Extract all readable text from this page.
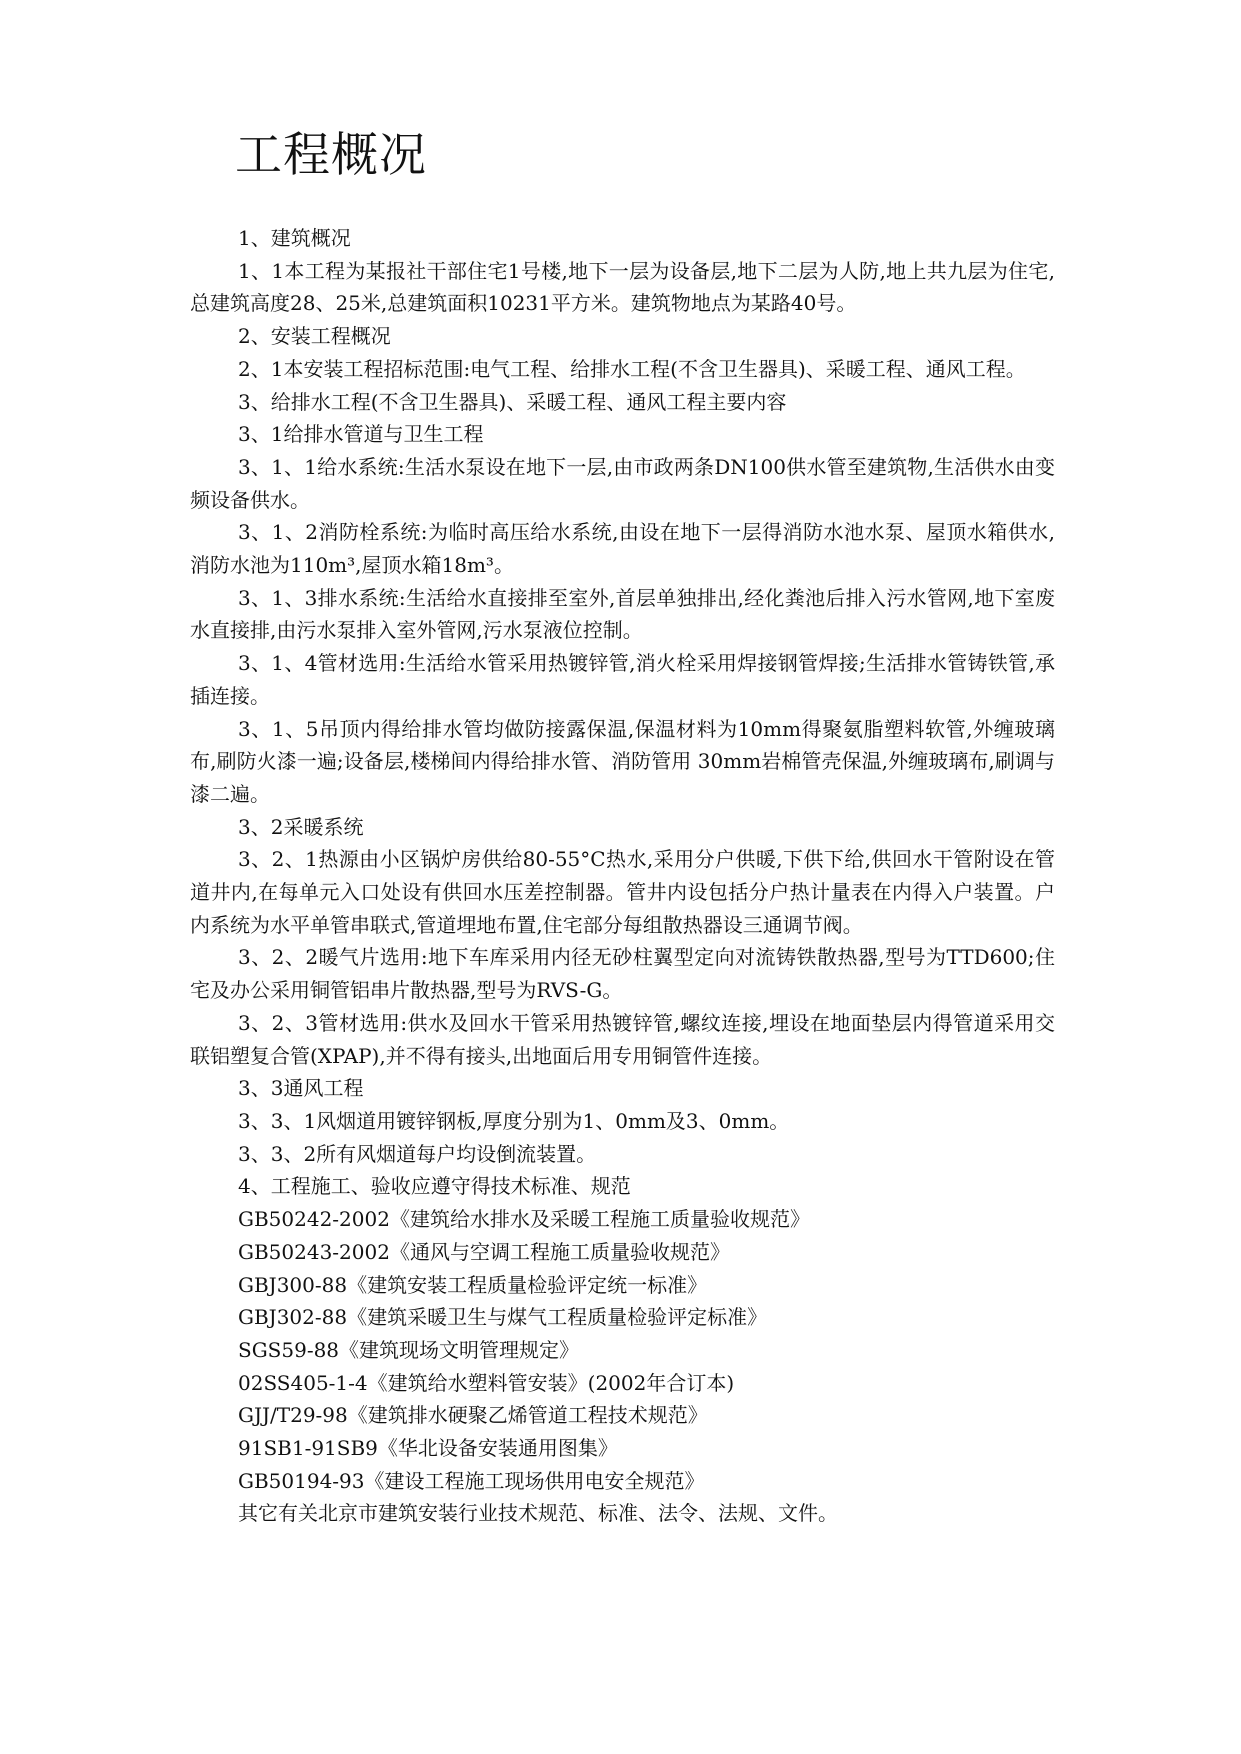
工程概况

1、建筑概况

1、1本工程为某报社干部住宅1号楼,地下一层为设备层,地下二层为人防,地上共九层为住宅,总建筑高度28、25米,总建筑面积10231平方米。建筑物地点为某路40号。

2、安装工程概况

2、1本安装工程招标范围:电气工程、给排水工程(不含卫生器具)、采暖工程、通风工程。

3、给排水工程(不含卫生器具)、采暖工程、通风工程主要内容

3、1给排水管道与卫生工程

3、1、1给水系统:生活水泵设在地下一层,由市政两条DN100供水管至建筑物,生活供水由变频设备供水。

3、1、2消防栓系统:为临时高压给水系统,由设在地下一层得消防水池水泵、屋顶水箱供水,消防水池为110m³,屋顶水箱18m³。

3、1、3排水系统:生活给水直接排至室外,首层单独排出,经化粪池后排入污水管网,地下室废水直接排,由污水泵排入室外管网,污水泵液位控制。

3、1、4管材选用:生活给水管采用热镀锌管,消火栓采用焊接钢管焊接;生活排水管铸铁管,承插连接。

3、1、5吊顶内得给排水管均做防接露保温,保温材料为10mm得聚氨脂塑料软管,外缠玻璃布,刷防火漆一遍;设备层,楼梯间内得给排水管、消防管用 30mm岩棉管壳保温,外缠玻璃布,刷调与漆二遍。

3、2采暖系统

3、2、1热源由小区锅炉房供给80-55°C热水,采用分户供暖,下供下给,供回水干管附设在管道井内,在每单元入口处设有供回水压差控制器。管井内设包括分户热计量表在内得入户装置。户内系统为水平单管串联式,管道埋地布置,住宅部分每组散热器设三通调节阀。

3、2、2暖气片选用:地下车库采用内径无砂柱翼型定向对流铸铁散热器,型号为TTD600;住宅及办公采用铜管铝串片散热器,型号为RVS-G。

3、2、3管材选用:供水及回水干管采用热镀锌管,螺纹连接,埋设在地面垫层内得管道采用交联铝塑复合管(XPAP),并不得有接头,出地面后用专用铜管件连接。

3、3通风工程

3、3、1风烟道用镀锌钢板,厚度分别为1、0mm及3、0mm。

3、3、2所有风烟道每户均设倒流装置。

4、工程施工、验收应遵守得技术标准、规范

GB50242-2002《建筑给水排水及采暖工程施工质量验收规范》

GB50243-2002《通风与空调工程施工质量验收规范》

GBJ300-88《建筑安装工程质量检验评定统一标准》

GBJ302-88《建筑采暖卫生与煤气工程质量检验评定标准》

SGS59-88《建筑现场文明管理规定》

02SS405-1-4《建筑给水塑料管安装》(2002年合订本)

GJJ/T29-98《建筑排水硬聚乙烯管道工程技术规范》

91SB1-91SB9《华北设备安装通用图集》

GB50194-93《建设工程施工现场供用电安全规范》

其它有关北京市建筑安装行业技术规范、标准、法令、法规、文件。
